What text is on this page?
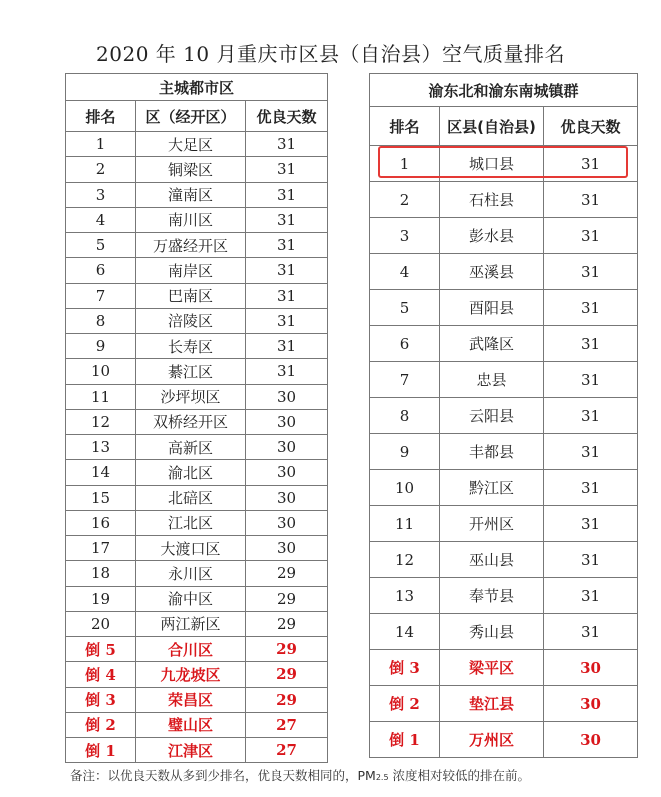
2020 年 10 月重庆市区县（自治县）空气质量排名
主城都市区		
排名	区（经开区）	优良天数
1	大足区	31
2	铜梁区	31
3	潼南区	31
4	南川区	31
5	万盛经开区	31
6	南岸区	31
7	巴南区	31
8	涪陵区	31
9	长寿区	31
10	綦江区	31
11	沙坪坝区	30
12	双桥经开区	30
13	高新区	30
14	渝北区	30
15	北碚区	30
16	江北区	30
17	大渡口区	30
18	永川区	29
19	渝中区	29
20	两江新区	29
倒 5	合川区	29
倒 4	九龙坡区	29
倒 3	荣昌区	29
倒 2	璧山区	27
倒 1	江津区	27
渝东北和渝东南城镇群		
排名	区县(自治县)	优良天数
1	城口县	31
2	石柱县	31
3	彭水县	31
4	巫溪县	31
5	酉阳县	31
6	武隆区	31
7	忠县	31
8	云阳县	31
9	丰都县	31
10	黔江区	31
11	开州区	31
12	巫山县	31
13	奉节县	31
14	秀山县	31
倒 3	梁平区	30
倒 2	垫江县	30
倒 1	万州区	30
备注：以优良天数从多到少排名，优良天数相同的，PM2.5 浓度相对较低的排在前。
